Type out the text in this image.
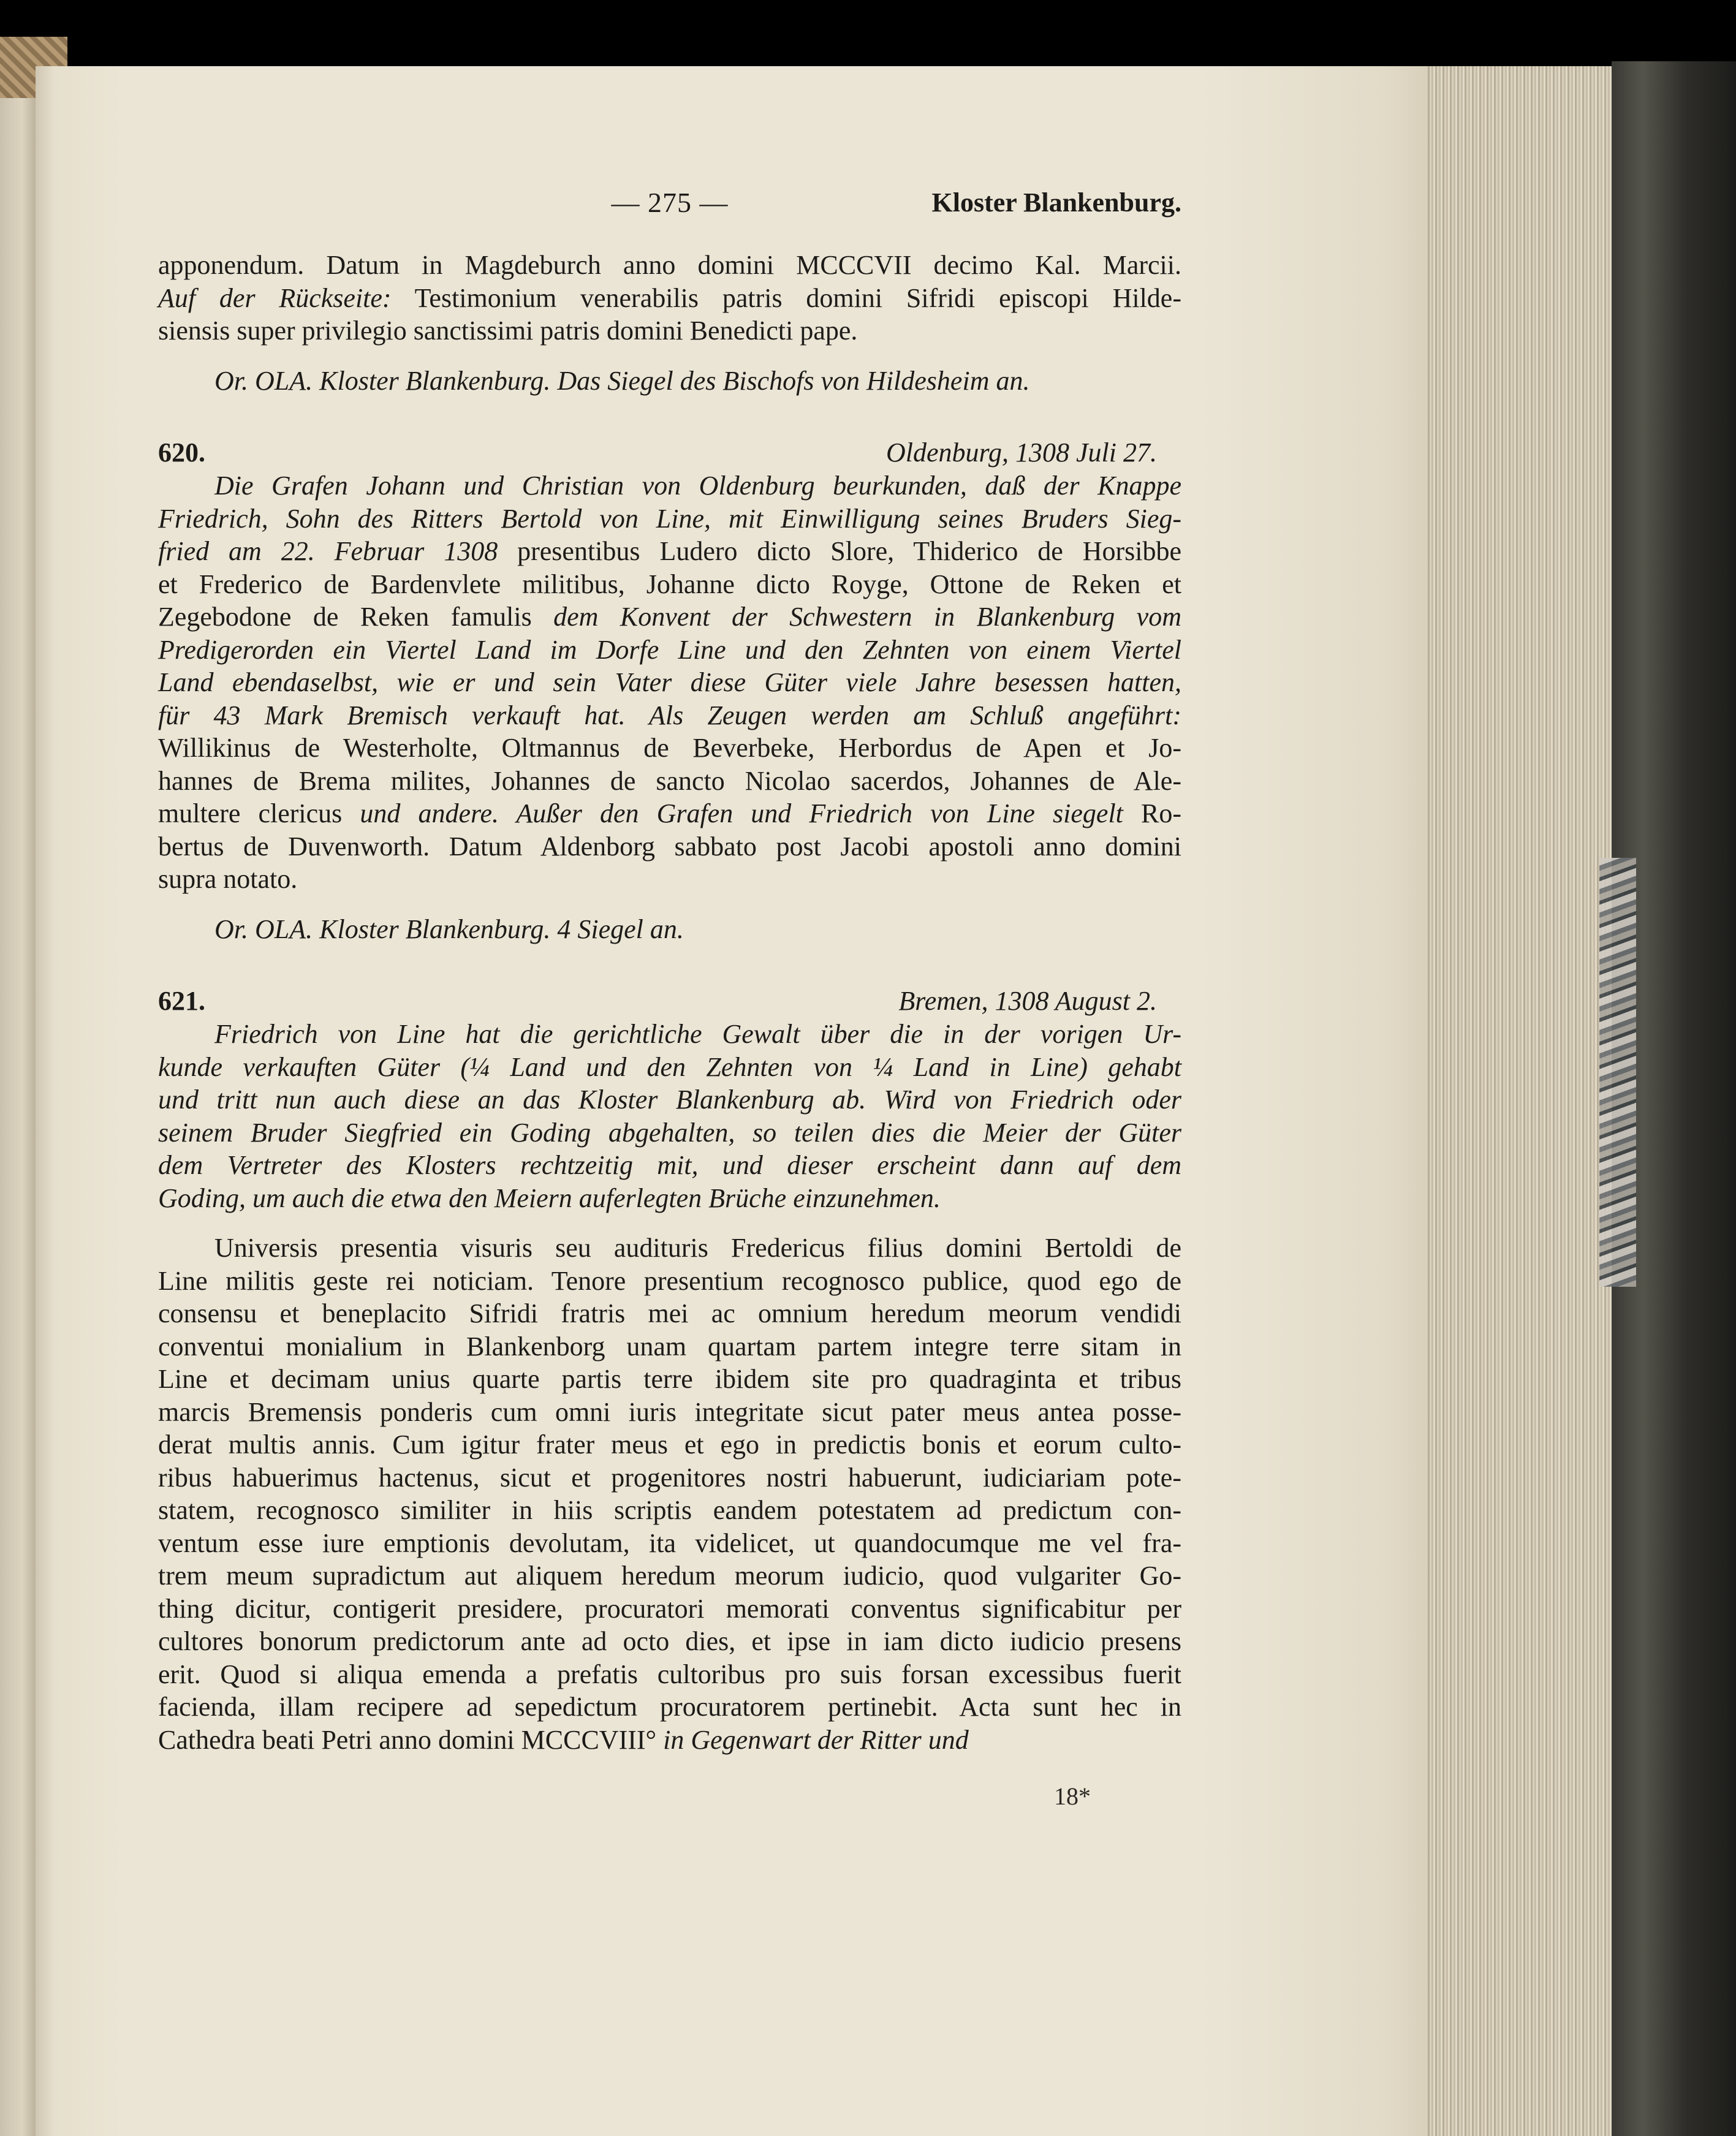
— 275 —	Kloster Blankenburg.
apponendum. Datum in Magdeburch anno domini MCCCVII decimo Kal. Marcii.
Auf der Rückseite: Testimonium venerabilis patris domini Sifridi episcopi Hilde-
siensis super privilegio sanctissimi patris domini Benedicti pape.
Or. OLA. Kloster Blankenburg. Das Siegel des Bischofs von Hildesheim an.
620.	Oldenburg, 1308 Juli 27.
Die Grafen Johann und Christian von Oldenburg beurkunden, daß der Knappe
Friedrich, Sohn des Ritters Bertold von Line, mit Einwilligung seines Bruders Sieg-
fried am 22. Februar 1308 presentibus Ludero dicto Slore, Thiderico de Horsibbe
et Frederico de Bardenvlete militibus, Johanne dicto Royge, Ottone de Reken et
Zegebodone de Reken famulis dem Konvent der Schwestern in Blankenburg vom
Predigerorden ein Viertel Land im Dorfe Line und den Zehnten von einem Viertel
Land ebendaselbst, wie er und sein Vater diese Güter viele Jahre besessen hatten,
für 43 Mark Bremisch verkauft hat. Als Zeugen werden am Schluß angeführt:
Willikinus de Westerholte, Oltmannus de Beverbeke, Herbordus de Apen et Jo-
hannes de Brema milites, Johannes de sancto Nicolao sacerdos, Johannes de Ale-
multere clericus und andere. Außer den Grafen und Friedrich von Line siegelt Ro-
bertus de Duvenworth. Datum Aldenborg sabbato post Jacobi apostoli anno domini
supra notato.
Or. OLA. Kloster Blankenburg. 4 Siegel an.
621.	Bremen, 1308 August 2.
Friedrich von Line hat die gerichtliche Gewalt über die in der vorigen Ur-
kunde verkauften Güter (¼ Land und den Zehnten von ¼ Land in Line) gehabt
und tritt nun auch diese an das Kloster Blankenburg ab. Wird von Friedrich oder
seinem Bruder Siegfried ein Goding abgehalten, so teilen dies die Meier der Güter
dem Vertreter des Klosters rechtzeitig mit, und dieser erscheint dann auf dem
Goding, um auch die etwa den Meiern auferlegten Brüche einzunehmen.
Universis presentia visuris seu audituris Fredericus filius domini Bertoldi de
Line militis geste rei noticiam. Tenore presentium recognosco publice, quod ego de
consensu et beneplacito Sifridi fratris mei ac omnium heredum meorum vendidi
conventui monialium in Blankenborg unam quartam partem integre terre sitam in
Line et decimam unius quarte partis terre ibidem site pro quadraginta et tribus
marcis Bremensis ponderis cum omni iuris integritate sicut pater meus antea posse-
derat multis annis. Cum igitur frater meus et ego in predictis bonis et eorum culto-
ribus habuerimus hactenus, sicut et progenitores nostri habuerunt, iudiciariam pote-
statem, recognosco similiter in hiis scriptis eandem potestatem ad predictum con-
ventum esse iure emptionis devolutam, ita videlicet, ut quandocumque me vel fra-
trem meum supradictum aut aliquem heredum meorum iudicio, quod vulgariter Go-
thing dicitur, contigerit presidere, procuratori memorati conventus significabitur per
cultores bonorum predictorum ante ad octo dies, et ipse in iam dicto iudicio presens
erit. Quod si aliqua emenda a prefatis cultoribus pro suis forsan excessibus fuerit
facienda, illam recipere ad sepedictum procuratorem pertinebit. Acta sunt hec in
Cathedra beati Petri anno domini MCCCVIII° in Gegenwart der Ritter und
18*
